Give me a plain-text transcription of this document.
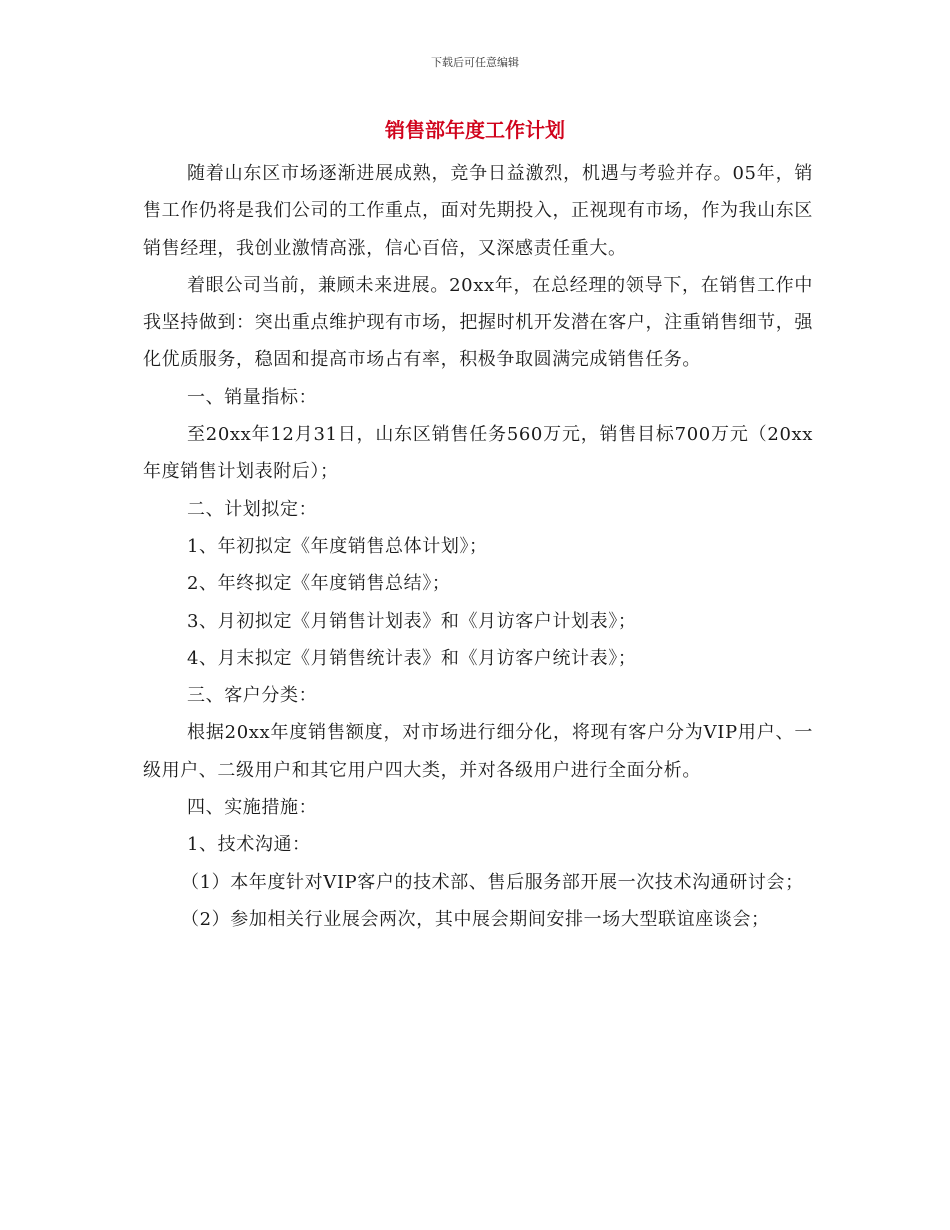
下载后可任意编辑
销售部年度工作计划

随着山东区市场逐渐进展成熟，竞争日益激烈，机遇与考验并存。05年，销售工作仍将是我们公司的工作重点，面对先期投入，正视现有市场，作为我山东区销售经理，我创业激情高涨，信心百倍，又深感责任重大。

着眼公司当前，兼顾未来进展。20xx年，在总经理的领导下，在销售工作中我坚持做到：突出重点维护现有市场，把握时机开发潜在客户，注重销售细节，强化优质服务，稳固和提高市场占有率，积极争取圆满完成销售任务。

一、销量指标：

至20xx年12月31日，山东区销售任务560万元，销售目标700万元（20xx年度销售计划表附后）；

二、计划拟定：

1、年初拟定《年度销售总体计划》；

2、年终拟定《年度销售总结》；

3、月初拟定《月销售计划表》和《月访客户计划表》；

4、月末拟定《月销售统计表》和《月访客户统计表》；

三、客户分类：

根据20xx年度销售额度，对市场进行细分化，将现有客户分为VIP用户、一级用户、二级用户和其它用户四大类，并对各级用户进行全面分析。

四、实施措施：

1、技术沟通：

（1）本年度针对VIP客户的技术部、售后服务部开展一次技术沟通研讨会；

（2）参加相关行业展会两次，其中展会期间安排一场大型联谊座谈会；
